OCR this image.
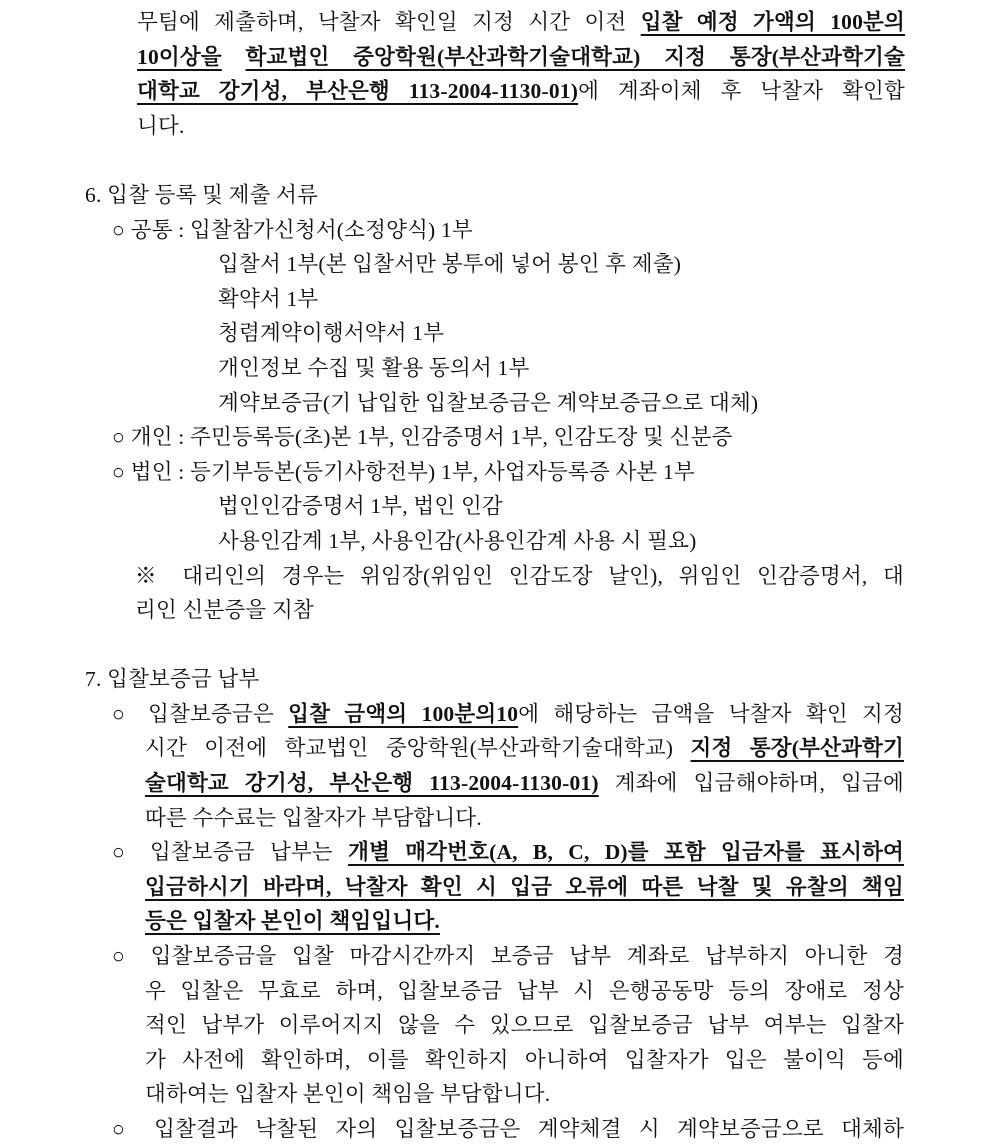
무팀에 제출하며, 낙찰자 확인일 지정 시간 이전 입찰 예정 가액의 100분의
10이상을 학교법인 중앙학원(부산과학기술대학교) 지정 통장(부산과학기술
대학교 강기성, 부산은행 113-2004-1130-01)에 계좌이체 후 낙찰자 확인합
니다.
6. 입찰 등록 및 제출 서류
○ 공통 : 입찰참가신청서(소정양식) 1부
입찰서 1부(본 입찰서만 봉투에 넣어 봉인 후 제출)
확약서 1부
청렴계약이행서약서 1부
개인정보 수집 및 활용 동의서 1부
계약보증금(기 납입한 입찰보증금은 계약보증금으로 대체)
○ 개인 : 주민등록등(초)본 1부, 인감증명서 1부, 인감도장 및 신분증
○ 법인 : 등기부등본(등기사항전부) 1부, 사업자등록증 사본 1부
법인인감증명서 1부, 법인 인감
사용인감계 1부, 사용인감(사용인감계 사용 시 필요)
※ 대리인의 경우는 위임장(위임인 인감도장 날인), 위임인 인감증명서, 대
리인 신분증을 지참
7. 입찰보증금 납부
○ 입찰보증금은 입찰 금액의 100분의10에 해당하는 금액을 낙찰자 확인 지정
시간 이전에 학교법인 중앙학원(부산과학기술대학교) 지정 통장(부산과학기
술대학교 강기성, 부산은행 113-2004-1130-01) 계좌에 입금해야하며, 입금에
따른 수수료는 입찰자가 부담합니다.
○ 입찰보증금 납부는 개별 매각번호(A, B, C, D)를 포함 입금자를 표시하여
입금하시기 바라며, 낙찰자 확인 시 입금 오류에 따른 낙찰 및 유찰의 책임
등은 입찰자 본인이 책임입니다.
○ 입찰보증금을 입찰 마감시간까지 보증금 납부 계좌로 납부하지 아니한 경
우 입찰은 무효로 하며, 입찰보증금 납부 시 은행공동망 등의 장애로 정상
적인 납부가 이루어지지 않을 수 있으므로 입찰보증금 납부 여부는 입찰자
가 사전에 확인하며, 이를 확인하지 아니하여 입찰자가 입은 불이익 등에
대하여는 입찰자 본인이 책임을 부담합니다.
○ 입찰결과 낙찰된 자의 입찰보증금은 계약체결 시 계약보증금으로 대체하
